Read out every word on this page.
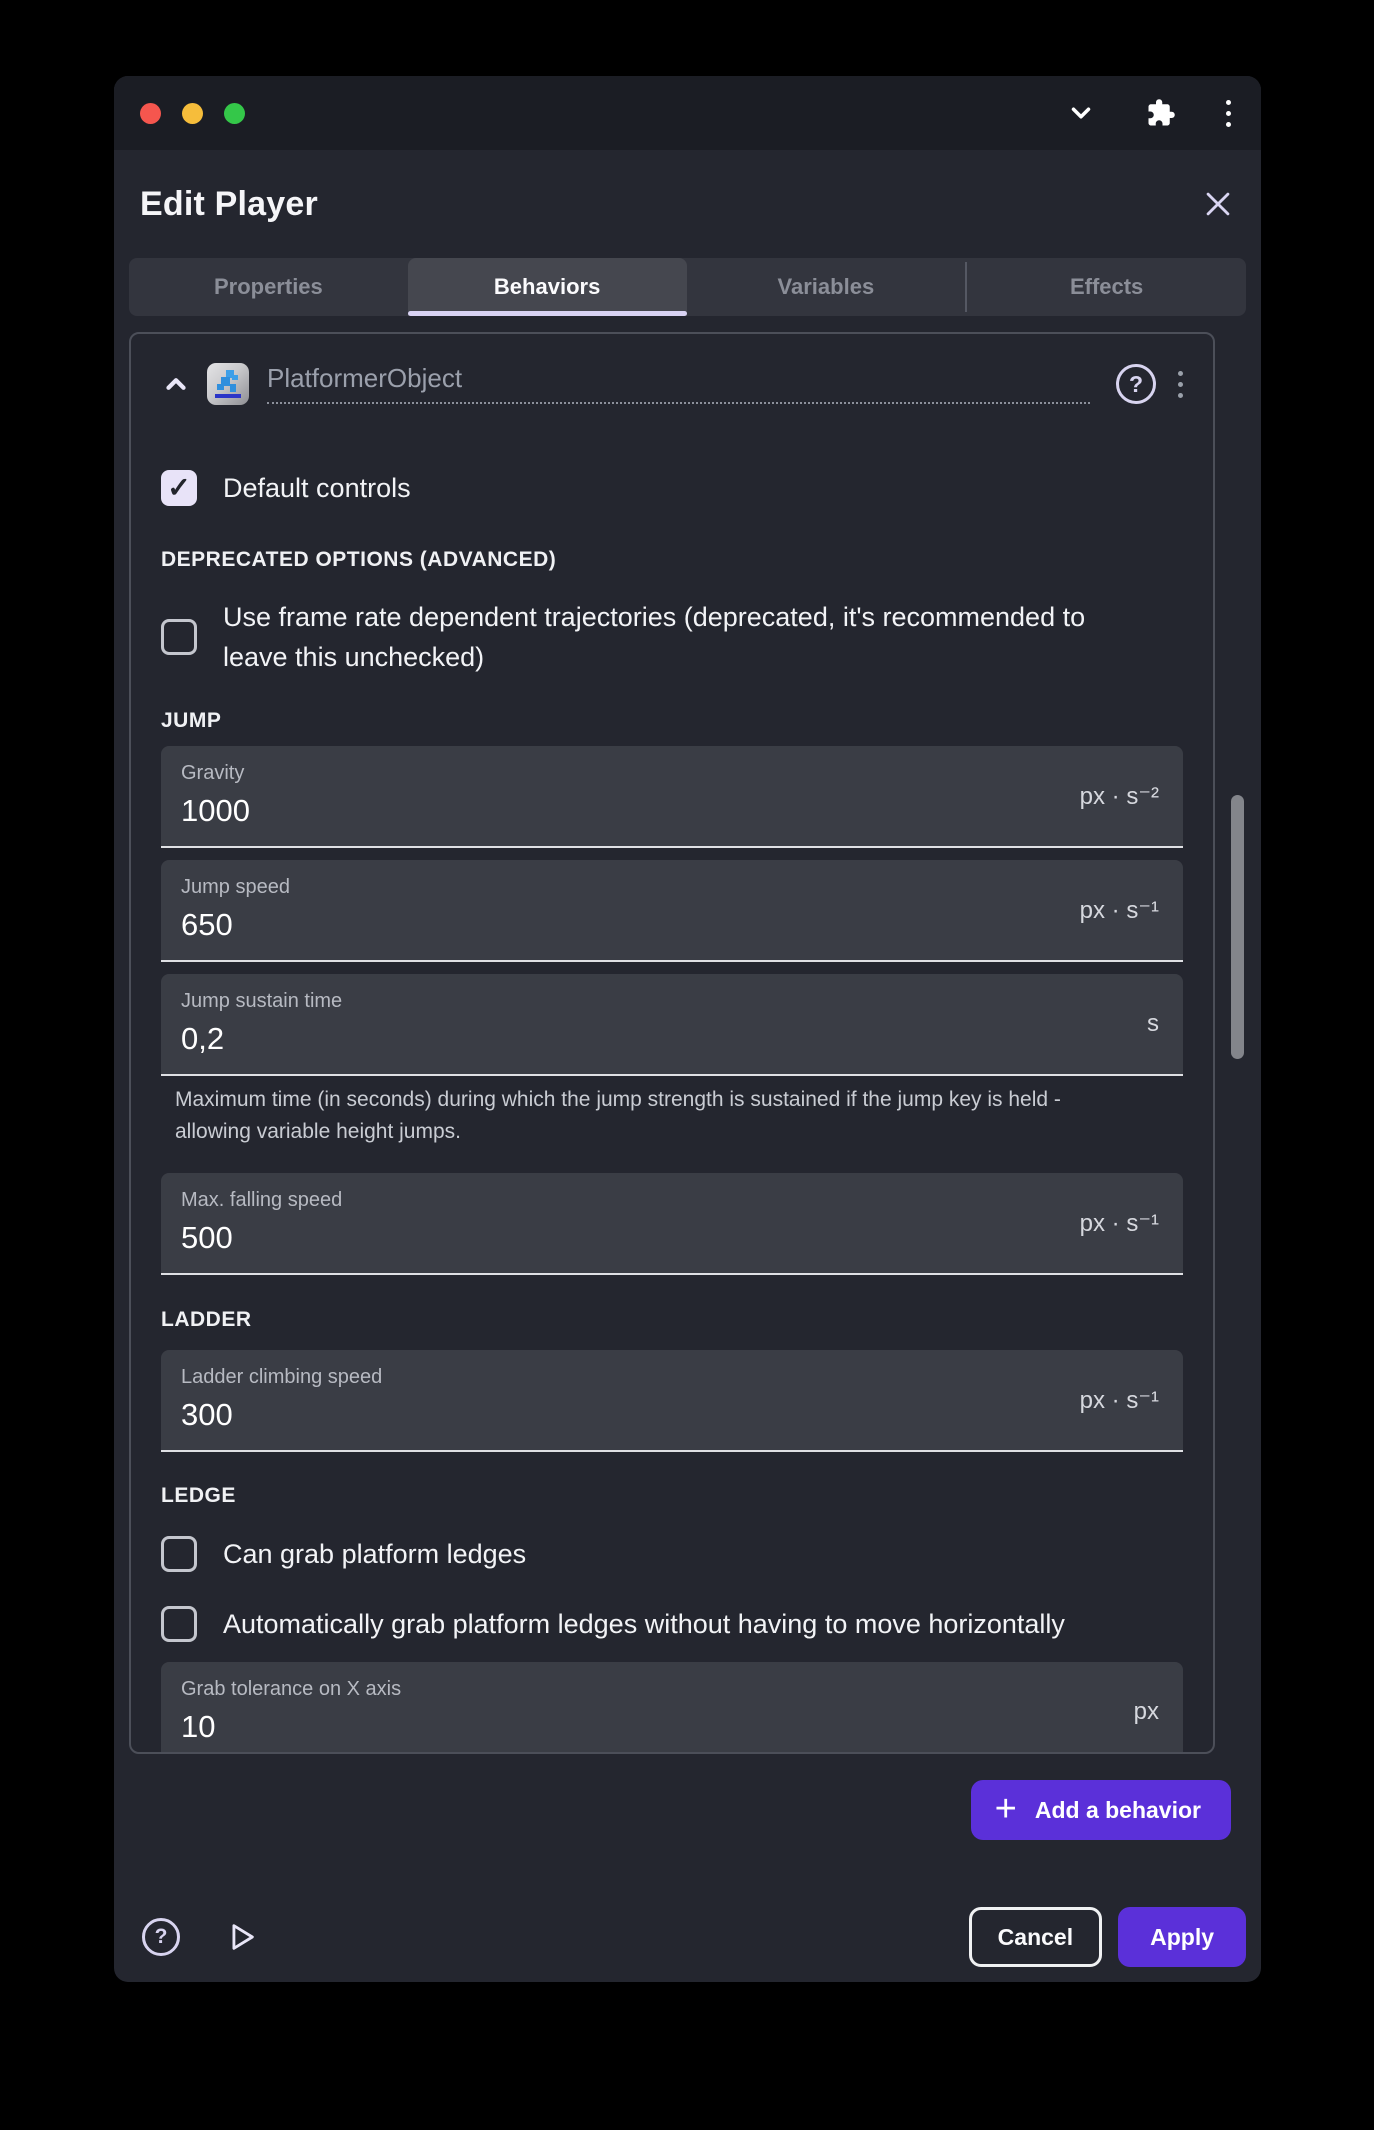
Edit Player
Properties	Behaviors	Variables	Effects
PlatformerObject	?
✓ Default controls
DEPRECATED OPTIONS (ADVANCED)
Use frame rate dependent trajectories (deprecated, it's recommended to leave this unchecked)
JUMP
Gravity
1000
px · s⁻²
Jump speed
650
px · s⁻¹
Jump sustain time
0,2
s
Maximum time (in seconds) during which the jump strength is sustained if the jump key is held - allowing variable height jumps.
Max. falling speed
500
px · s⁻¹
LADDER
Ladder climbing speed
300
px · s⁻¹
LEDGE
Can grab platform ledges
Automatically grab platform ledges without having to move horizontally
Grab tolerance on X axis
10
px
+ Add a behavior
?	Cancel	Apply
